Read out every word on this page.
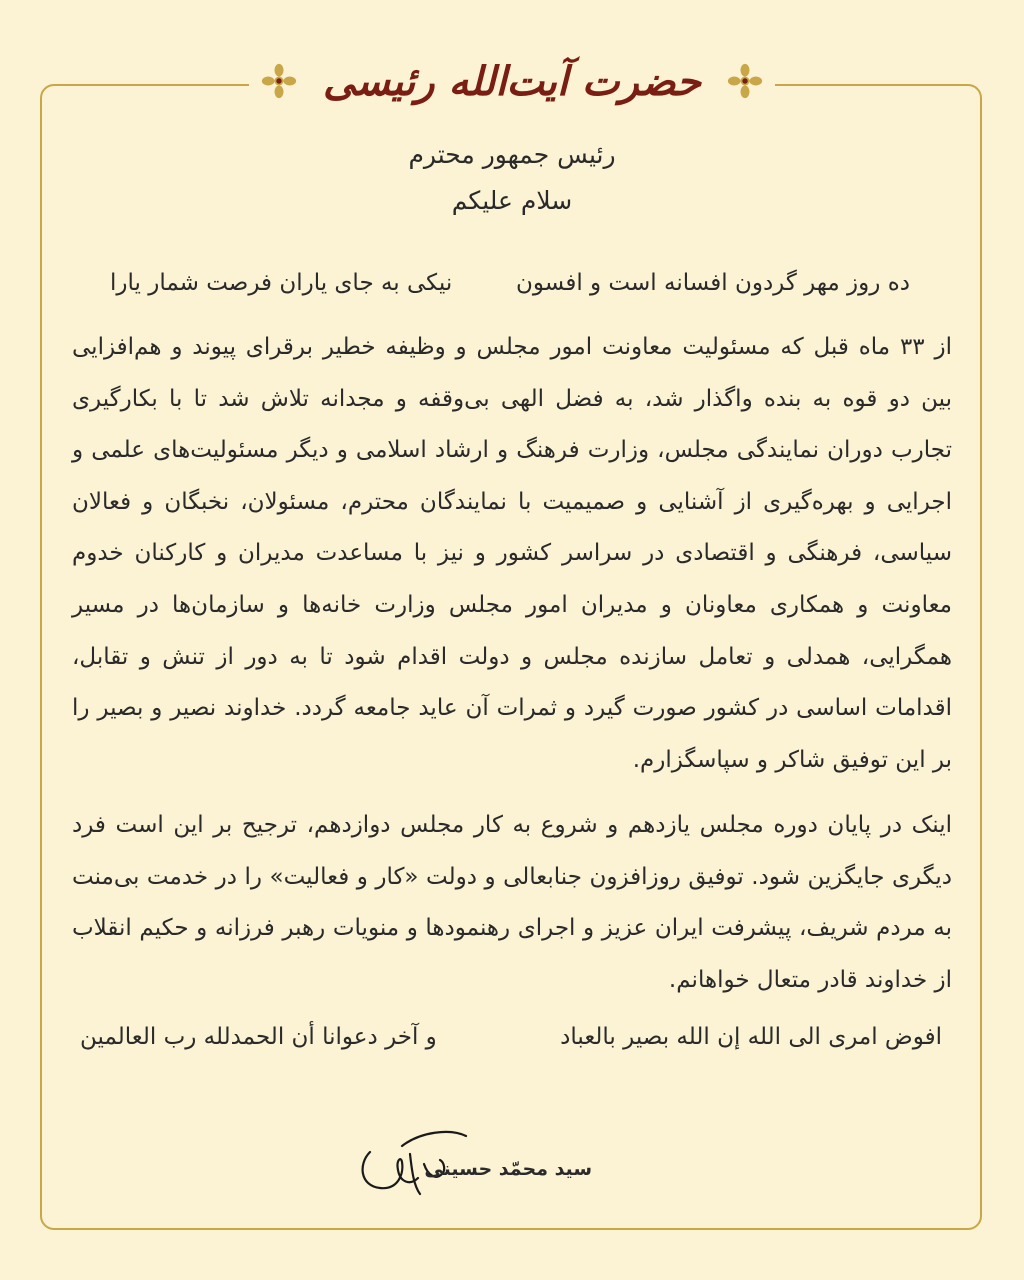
حضرت آیت‌الله رئیسی
رئیس جمهور محترم
سلام علیکم
ده روز مهر گردون افسانه است و افسون
نیکی به جای یاران فرصت شمار یارا
از ۳۳ ماه قبل که مسئولیت معاونت امور مجلس و وظیفه خطیر برقرای پیوند و هم‌افزایی بین دو قوه به بنده واگذار شد، به فضل الهی بی‌وقفه و مجدانه تلاش شد تا با بکارگیری تجارب دوران نمایندگی مجلس، وزارت فرهنگ و ارشاد اسلامی و دیگر مسئولیت‌های علمی و اجرایی و بهره‌گیری از آشنایی و صمیمیت با نمایندگان محترم، مسئولان، نخبگان و فعالان سیاسی، فرهنگی و اقتصادی در سراسر کشور و نیز با مساعدت مدیران و کارکنان خدوم معاونت و همکاری معاونان و مدیران امور مجلس وزارت خانه‌ها و سازمان‌ها در مسیر همگرایی، همدلی و تعامل سازنده مجلس و دولت اقدام شود تا به دور از تنش و تقابل، اقدامات اساسی در کشور صورت گیرد و ثمرات آن عاید جامعه گردد. خداوند نصیر و بصیر را بر این توفیق شاکر و سپاسگزارم.
اینک در پایان دوره مجلس یازدهم و شروع به کار مجلس دوازدهم، ترجیح بر این است فرد دیگری جایگزین شود. توفیق روزافزون جنابعالی و دولت «کار و فعالیت» را در خدمت بی‌منت به مردم شریف، پیشرفت ایران عزیز و اجرای رهنمودها و منویات رهبر فرزانه و حکیم انقلاب از خداوند قادر متعال خواهانم.
افوض امری الی الله إن الله بصیر بالعباد
و آخر دعوانا أن الحمدلله رب العالمین
سید محمّد حسینی
